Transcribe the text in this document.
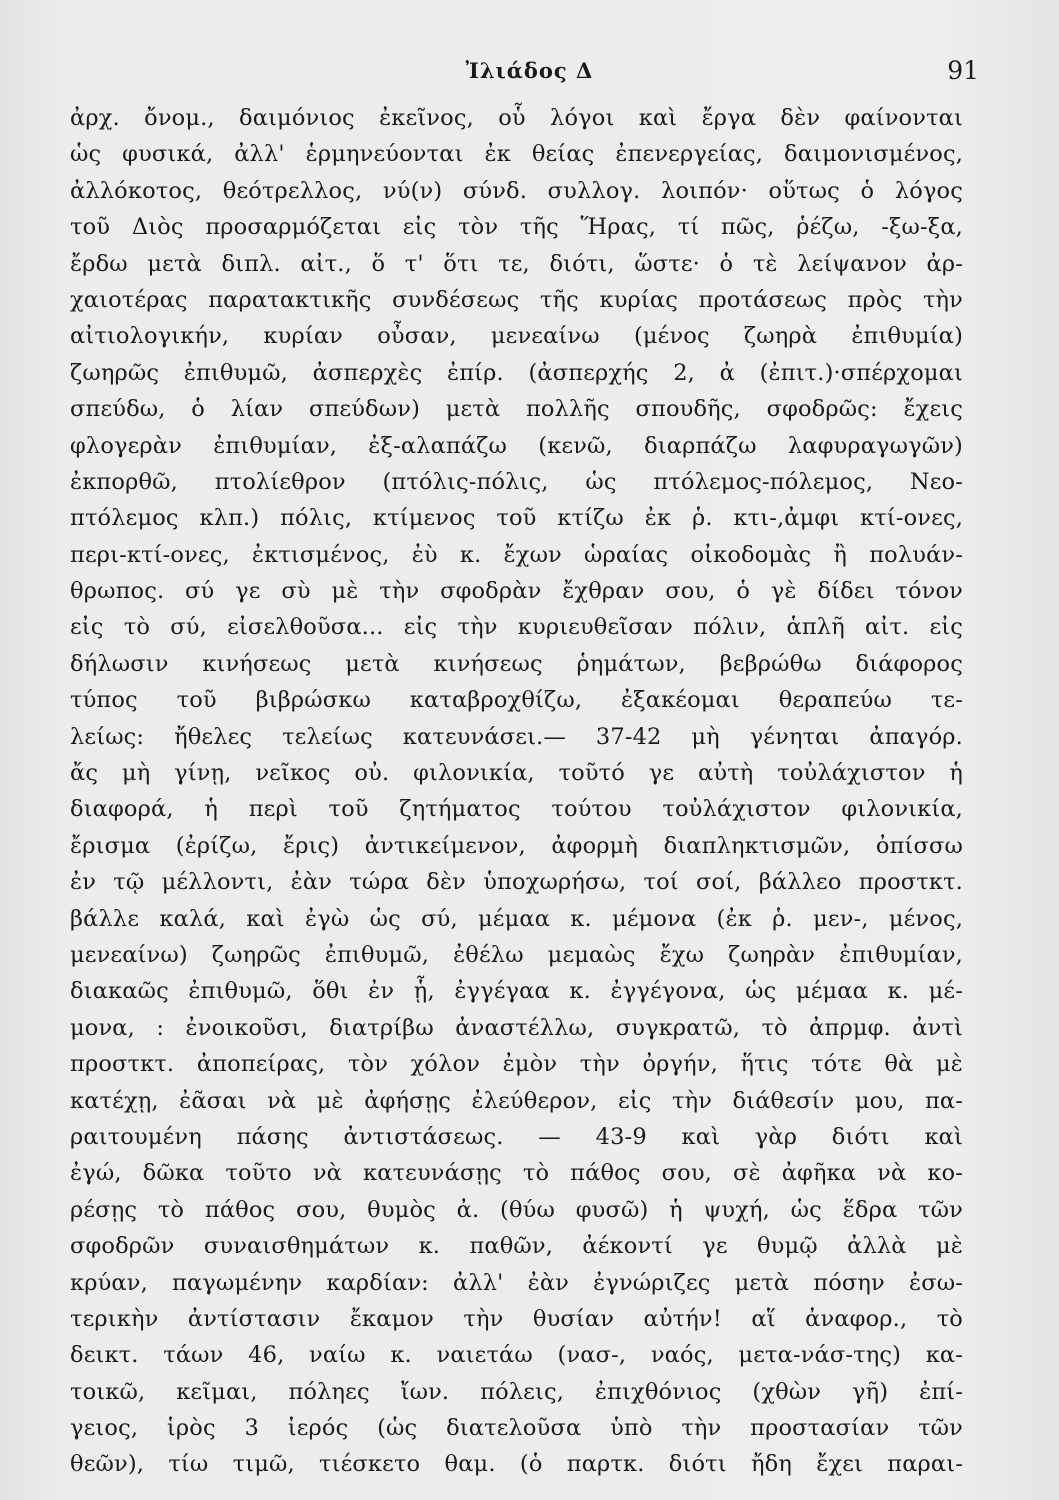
Ἰλιάδος Δ	91
ἀρχ. ὄνομ., δαιμόνιος ἐκεῖνος, οὗ λόγοι καὶ ἔργα δὲν φαίνονται
ὡς φυσικά, ἀλλ' ἑρμηνεύονται ἐκ θείας ἐπενεργείας, δαιμονισμένος,
ἀλλόκοτος, θεότρελλος, νύ(ν) σύνδ. συλλογ. λοιπόν· οὕτως ὁ λόγος
τοῦ Διὸς προσαρμόζεται εἰς τὸν τῆς Ἥρας, τί πῶς, ῥέζω, -ξω-ξα,
ἔρδω μετὰ διπλ. αἰτ., ὅ τ' ὅτι τε, διότι, ὥστε· ὁ τὲ λείψανον ἀρ-
χαιοτέρας παρατακτικῆς συνδέσεως τῆς κυρίας προτάσεως πρὸς τὴν
αἰτιολογικήν, κυρίαν οὖσαν, μενεαίνω (μένος ζωηρὰ ἐπιθυμία)
ζωηρῶς ἐπιθυμῶ, ἀσπερχὲς ἐπίρ. (ἀσπερχής 2, ἀ (ἐπιτ.)·σπέρχομαι
σπεύδω, ὁ λίαν σπεύδων) μετὰ πολλῆς σπουδῆς, σφοδρῶς: ἔχεις
φλογερὰν ἐπιθυμίαν, ἐξ-αλαπάζω (κενῶ, διαρπάζω λαφυραγωγῶν)
ἐκπορθῶ, πτολίεθρον (πτόλις-πόλις, ὡς πτόλεμος-πόλεμος, Νεο-
πτόλεμος κλπ.) πόλις, κτίμενος τοῦ κτίζω ἐκ ῥ. κτι-,ἀμφι κτί-ονες,
περι-κτί-ονες, ἐκτισμένος, ἐὺ κ. ἔχων ὡραίας οἰκοδομὰς ἢ πολυάν-
θρωπος. σύ γε σὺ μὲ τὴν σφοδρὰν ἔχθραν σου, ὁ γὲ δίδει τόνον
εἰς τὸ σύ, εἰσελθοῦσα... εἰς τὴν κυριευθεῖσαν πόλιν, ἁπλῆ αἰτ. εἰς
δήλωσιν κινήσεως μετὰ κινήσεως ῥημάτων, βεβρώθω διάφορος
τύπος τοῦ βιβρώσκω καταβροχθίζω, ἐξακέομαι θεραπεύω τε-
λείως: ἤθελες τελείως κατευνάσει.— 37-42 μὴ γένηται ἀπαγόρ.
ἄς μὴ γίνῃ, νεῖκος οὐ. φιλονικία, τοῦτό γε αὐτὴ τοὐλάχιστον ἡ
διαφορά, ἡ περὶ τοῦ ζητήματος τούτου τοὐλάχιστον φιλονικία,
ἔρισμα (ἐρίζω, ἔρις) ἀντικείμενον, ἀφορμὴ διαπληκτισμῶν, ὀπίσσω
ἐν τῷ μέλλοντι, ἐὰν τώρα δὲν ὑποχωρήσω, τοί σοί, βάλλεο προστκτ.
βάλλε καλά, καὶ ἐγὼ ὡς σύ, μέμαα κ. μέμονα (ἐκ ῥ. μεν-, μένος,
μενεαίνω) ζωηρῶς ἐπιθυμῶ, ἐθέλω μεμαὼς ἔχω ζωηρὰν ἐπιθυμίαν,
διακαῶς ἐπιθυμῶ, ὅθι ἐν ᾗ, ἐγγέγαα κ. ἐγγέγονα, ὡς μέμαα κ. μέ-
μονα, : ἐνοικοῦσι, διατρίβω ἀναστέλλω, συγκρατῶ, τὸ ἀπρμφ. ἀντὶ
προστκτ. ἀποπείρας, τὸν χόλον ἐμὸν τὴν ὀργήν, ἥτις τότε θὰ μὲ
κατέχῃ, ἐᾶσαι νὰ μὲ ἀφήσῃς ἐλεύθερον, εἰς τὴν διάθεσίν μου, πα-
ραιτουμένη πάσης ἀντιστάσεως. — 43-9 καὶ γὰρ διότι καὶ
ἐγώ, δῶκα τοῦτο νὰ κατευνάσῃς τὸ πάθος σου, σὲ ἀφῆκα νὰ κο-
ρέσῃς τὸ πάθος σου, θυμὸς ἀ. (θύω φυσῶ) ἡ ψυχή, ὡς ἕδρα τῶν
σφοδρῶν συναισθημάτων κ. παθῶν, ἀέκοντί γε θυμῷ ἀλλὰ μὲ
κρύαν, παγωμένην καρδίαν: ἀλλ' ἐὰν ἐγνώριζες μετὰ πόσην ἐσω-
τερικὴν ἀντίστασιν ἔκαμον τὴν θυσίαν αὐτήν! αἵ ἀναφορ., τὸ
δεικτ. τάων 46, ναίω κ. ναιετάω (νασ-, ναός, μετα-νάσ-της) κα-
τοικῶ, κεῖμαι, πόληες ἴων. πόλεις, ἐπιχθόνιος (χθὼν γῆ) ἐπί-
γειος, ἱρὸς 3 ἱερός (ὡς διατελοῦσα ὑπὸ τὴν προστασίαν τῶν
θεῶν), τίω τιμῶ, τιέσκετο θαμ. (ὁ παρτκ. διότι ἤδη ἔχει παραι-
